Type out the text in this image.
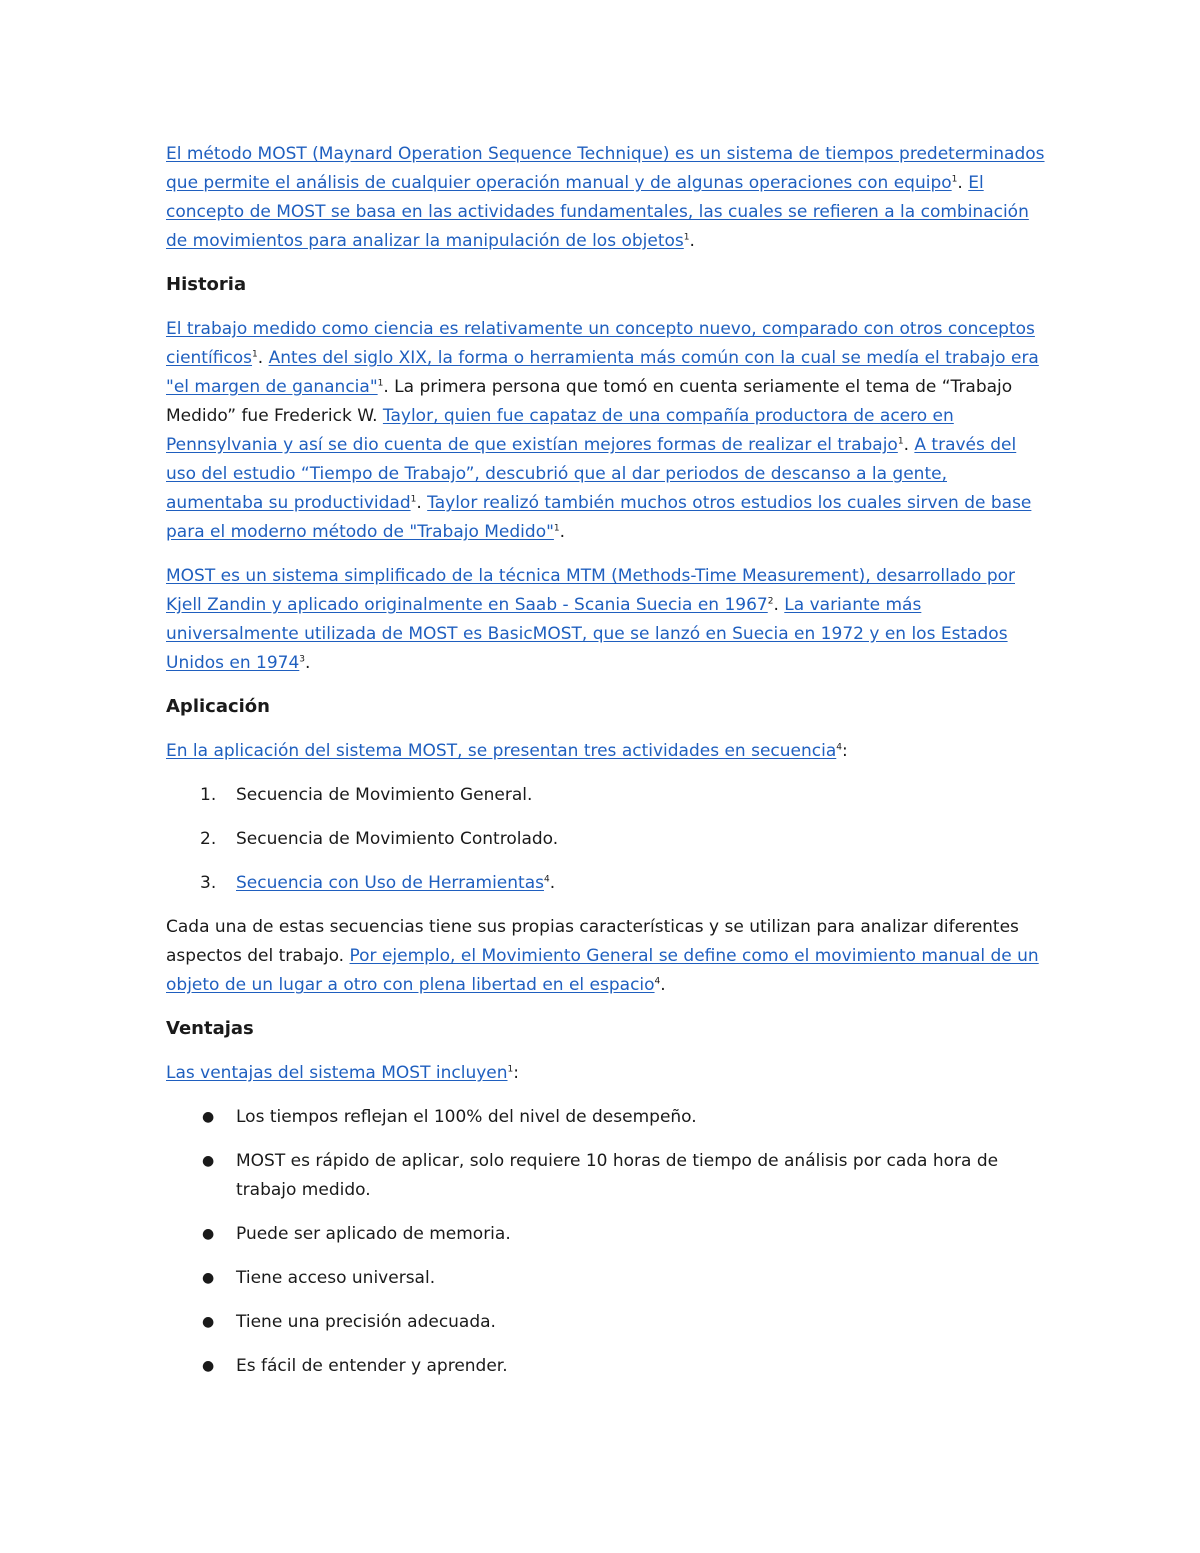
El método MOST (Maynard Operation Sequence Technique) es un sistema de tiempos predeterminados que permite el análisis de cualquier operación manual y de algunas operaciones con equipo$^1$. El concepto de MOST se basa en las actividades fundamentales, las cuales se refieren a la combinación de movimientos para analizar la manipulación de los objetos$^1$.

Historia

El trabajo medido como ciencia es relativamente un concepto nuevo, comparado con otros conceptos científicos$^1$. Antes del siglo XIX, la forma o herramienta más común con la cual se medía el trabajo era "el margen de ganancia"$^1$. La primera persona que tomó en cuenta seriamente el tema de “Trabajo Medido” fue Frederick W. Taylor, quien fue capataz de una compañía productora de acero en Pennsylvania y así se dio cuenta de que existían mejores formas de realizar el trabajo$^1$. A través del uso del estudio “Tiempo de Trabajo”, descubrió que al dar periodos de descanso a la gente, aumentaba su productividad$^1$. Taylor realizó también muchos otros estudios los cuales sirven de base para el moderno método de "Trabajo Medido"$^1$.

MOST es un sistema simplificado de la técnica MTM (Methods-Time Measurement), desarrollado por Kjell Zandin y aplicado originalmente en Saab - Scania Suecia en 1967$^2$. La variante más universalmente utilizada de MOST es BasicMOST, que se lanzó en Suecia en 1972 y en los Estados Unidos en 1974$^3$.

Aplicación

En la aplicación del sistema MOST, se presentan tres actividades en secuencia$^4$:

1. Secuencia de Movimiento General.
2. Secuencia de Movimiento Controlado.
3. Secuencia con Uso de Herramientas$^4$.

Cada una de estas secuencias tiene sus propias características y se utilizan para analizar diferentes aspectos del trabajo. Por ejemplo, el Movimiento General se define como el movimiento manual de un objeto de un lugar a otro con plena libertad en el espacio$^4$.

Ventajas

Las ventajas del sistema MOST incluyen$^1$:

● Los tiempos reflejan el 100% del nivel de desempeño.
● MOST es rápido de aplicar, solo requiere 10 horas de tiempo de análisis por cada hora de trabajo medido.
● Puede ser aplicado de memoria.
● Tiene acceso universal.
● Tiene una precisión adecuada.
● Es fácil de entender y aprender.
